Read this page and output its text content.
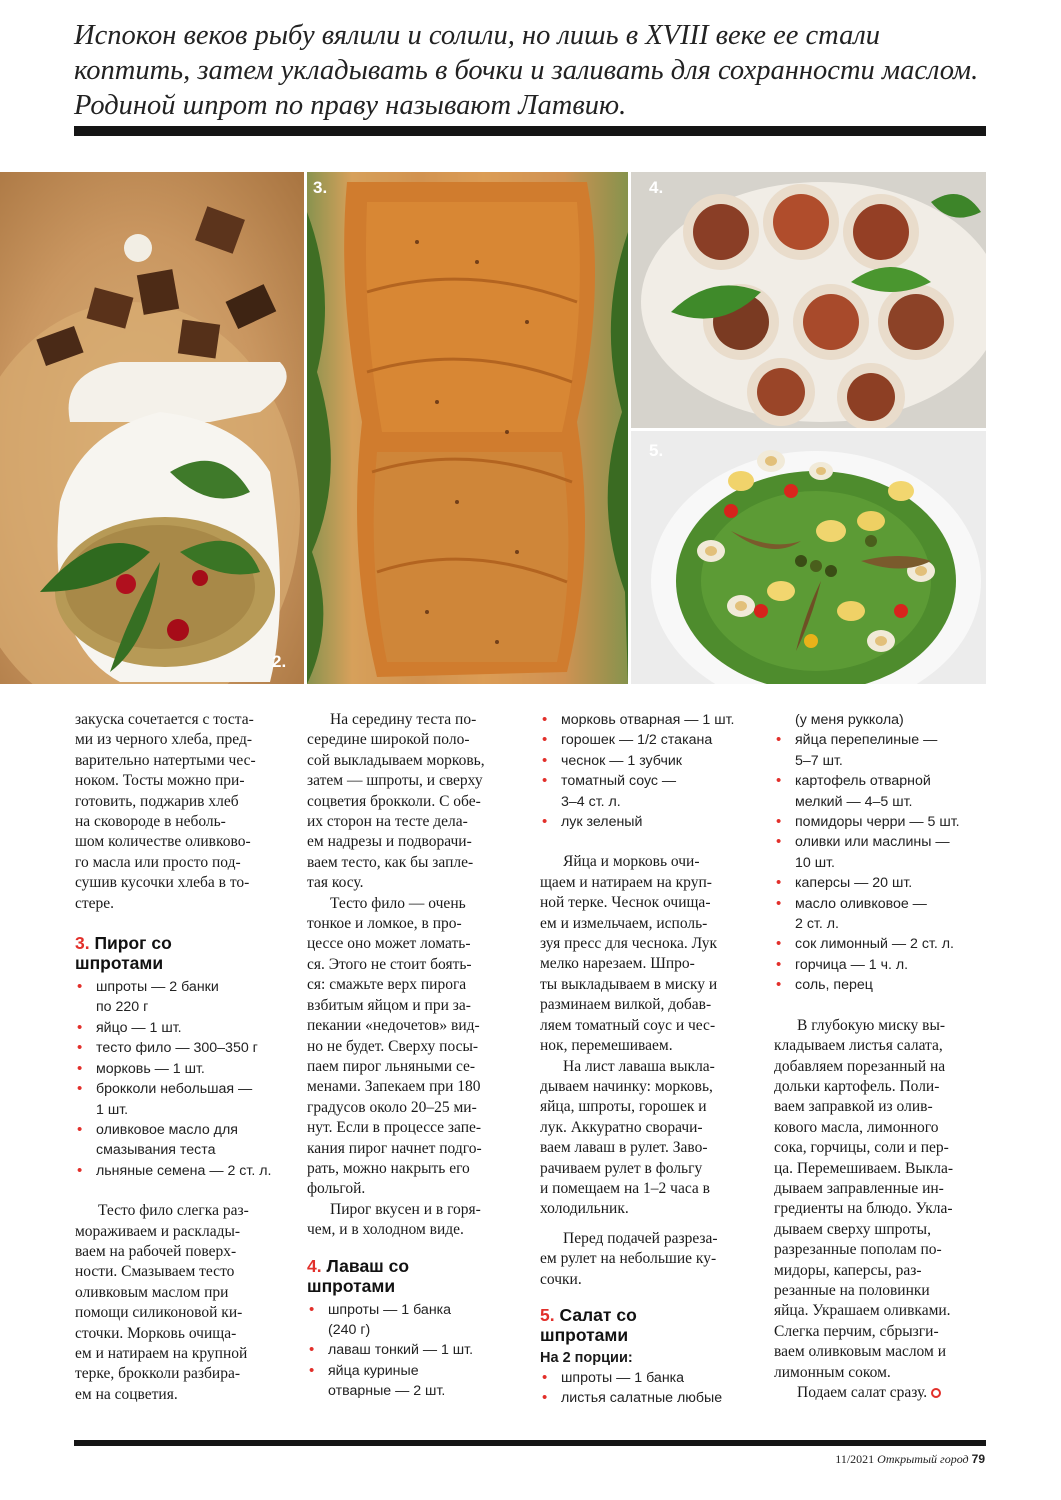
Испокон веков рыбу вялили и солили, но лишь в XVIII веке ее стали
коптить, затем укладывать в бочки и заливать для сохранности маслом.
Родиной шпрот по праву называют Латвию.
2.
3.	4.
5.

закуска сочетается с тоста-

ми из черного хлеба, пред-

варительно натертыми чес-

ноком. Тосты можно при-

готовить, поджарив хлеб

на сковороде в неболь-

шом количестве оливково-

го масла или просто под-

сушив кусочки хлеба в то-

стере.

3. Пирог со
шпротами
• шпроты — 2 банки
по 220 г
• яйцо — 1 шт.
• тесто фило — 300–350 г
• морковь — 1 шт.
• брокколи небольшая —
1 шт.
• оливковое масло для
смазывания теста
• льняные семена — 2 ст. л.

Тесто фило слегка раз-

мораживаем и расклады-

ваем на рабочей поверх-

ности. Смазываем тесто

оливковым маслом при

помощи силиконовой ки-

сточки. Морковь очища-

ем и натираем на крупной

терке, брокколи разбира-

ем на соцветия.

На середину теста по-

середине широкой поло-

сой выкладываем морковь,

затем — шпроты, и сверху

соцветия брокколи. С обе-

их сторон на тесте дела-

ем надрезы и подворачи-

ваем тесто, как бы запле-

тая косу.

Тесто фило — очень

тонкое и ломкое, в про-

цессе оно может ломать-

ся. Этого не стоит боять-

ся: смажьте верх пирога

взбитым яйцом и при за-

пекании «недочетов» вид-

но не будет. Сверху посы-

паем пирог льняными се-

менами. Запекаем при 180

градусов около 20–25 ми-

нут. Если в процессе запе-

кания пирог начнет подго-

рать, можно накрыть его

фольгой.

Пирог вкусен и в горя-

чем, и в холодном виде.

4. Лаваш со
шпротами
• шпроты — 1 банка
(240 г)
• лаваш тонкий — 1 шт.
• яйца куриные
отварные — 2 шт.
• морковь отварная — 1 шт.
• горошек — 1/2 стакана
• чеснок — 1 зубчик
• томатный соус —
3–4 ст. л.
• лук зеленый

Яйца и морковь очи-

щаем и натираем на круп-

ной терке. Чеснок очища-

ем и измельчаем, исполь-

зуя пресс для чеснока. Лук

мелко нарезаем. Шпро-

ты выкладываем в миску и

разминаем вилкой, добав-

ляем томатный соус и чес-

нок, перемешиваем.

На лист лаваша выкла-

дываем начинку: морковь,

яйца, шпроты, горошек и

лук. Аккуратно сворачи-

ваем лаваш в рулет. Заво-

рачиваем рулет в фольгу

и помещаем на 1–2 часа в

холодильник.

Перед подачей разреза-

ем рулет на небольшие ку-

сочки.

5. Салат со
шпротами
На 2 порции:
• шпроты — 1 банка
• листья салатные любые
(у меня руккола)
• яйца перепелиные —
5–7 шт.
• картофель отварной
мелкий — 4–5 шт.
• помидоры черри — 5 шт.
• оливки или маслины —
10 шт.
• каперсы — 20 шт.
• масло оливковое —
2 ст. л.
• сок лимонный — 2 ст. л.
• горчица — 1 ч. л.
• соль, перец

В глубокую миску вы-

кладываем листья салата,

добавляем порезанный на

дольки картофель. Поли-

ваем заправкой из олив-

кового масла, лимонного

сока, горчицы, соли и пер-

ца. Перемешиваем. Выкла-

дываем заправленные ин-

гредиенты на блюдо. Укла-

дываем сверху шпроты,

разрезанные пополам по-

мидоры, каперсы, раз-

резанные на половинки

яйца. Украшаем оливками.

Слегка перчим, сбрызги-

ваем оливковым маслом и

лимонным соком.

Подаем салат сразу.

11/2021 Открытый город 79
